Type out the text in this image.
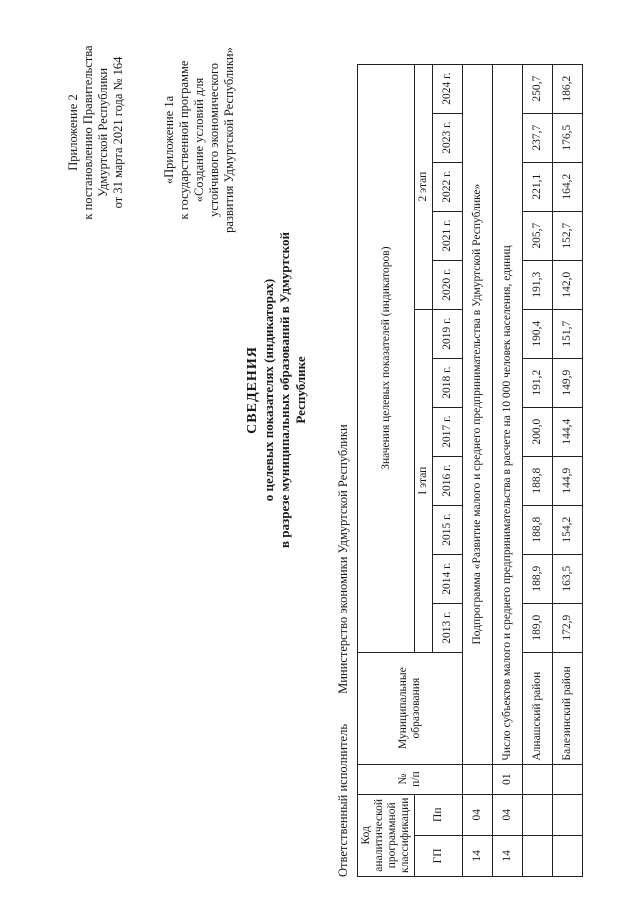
Приложение 2 к постановлению Правительства Удмуртской Республики от 31 марта 2021 года № 164	«Приложение 1а к государственной программе «Создание условий для устойчивого экономического развития Удмуртской Республики»
СВЕДЕНИЯ о целевых показателях (индикаторах) в разрезе муниципальных образований в Удмуртской Республике
Ответственный исполнитель Министерство экономики Удмуртской Республики
Код аналитической программной классификации		№ п/п	Муниципальные образования	Значения целевых показателей (индикаторов)											
ГП	Пп			I этап							2 этап				
				2013 г.	2014 г.	2015 г.	2016 г.	2017 г.	2018 г.	2019 г.	2020 г.	2021 г.	2022 г.	2023 г.	2024 г.
14	04		Подпрограмма «Развитие малого и среднего предпринимательства в Удмуртской Республике»												
14	04	01	Число субъектов малого и среднего предпринимательства в расчете на 10 000 человек населения, единиц												
			Алнашский район	189,0	188,9	188,8	188,8	200,0	191,2	190,4	191,3	205,7	221,1	237,7	250,7
			Балезинский район	172,9	163,5	154,2	144,9	144,4	149,9	151,7	142,0	152,7	164,2	176,5	186,2
